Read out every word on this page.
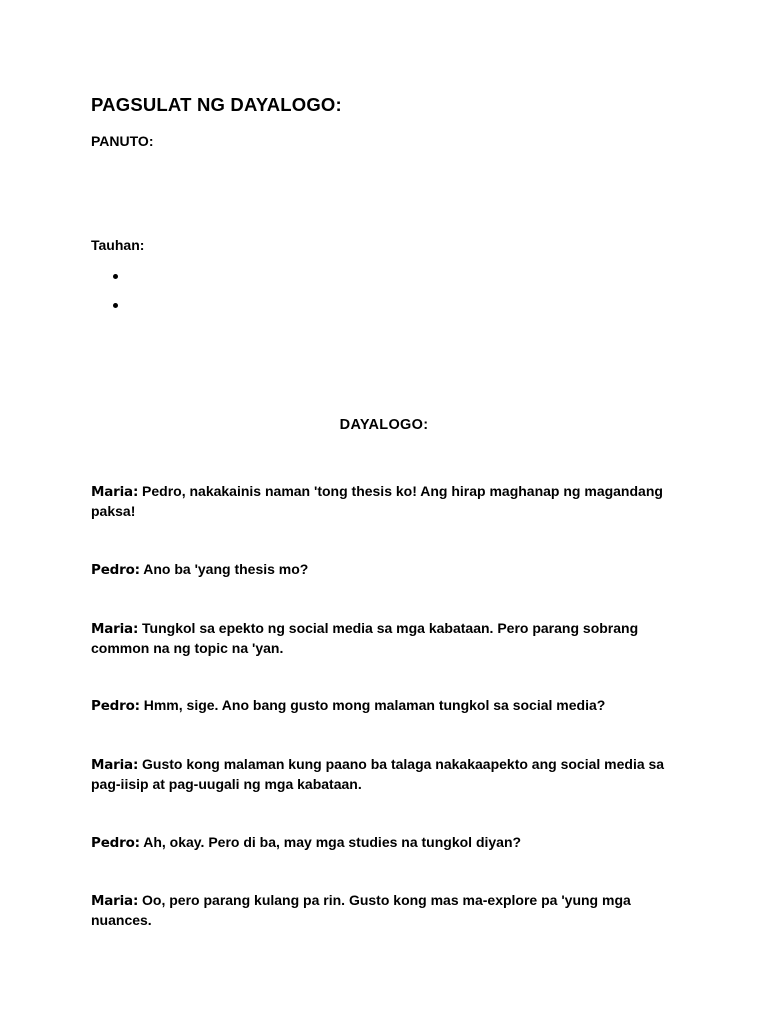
PAGSULAT NG DAYALOGO:
PANUTO:
Tauhan:
DAYALOGO:

Maria: Pedro, nakakainis naman 'tong thesis ko! Ang hirap maghanap ng magandang paksa!

Pedro: Ano ba 'yang thesis mo?

Maria: Tungkol sa epekto ng social media sa mga kabataan. Pero parang sobrang common na ng topic na 'yan.

Pedro: Hmm, sige. Ano bang gusto mong malaman tungkol sa social media?

Maria: Gusto kong malaman kung paano ba talaga nakakaapekto ang social media sa pag-iisip at pag-uugali ng mga kabataan.

Pedro: Ah, okay. Pero di ba, may mga studies na tungkol diyan?

Maria: Oo, pero parang kulang pa rin. Gusto kong mas ma-explore pa 'yung mga nuances.
